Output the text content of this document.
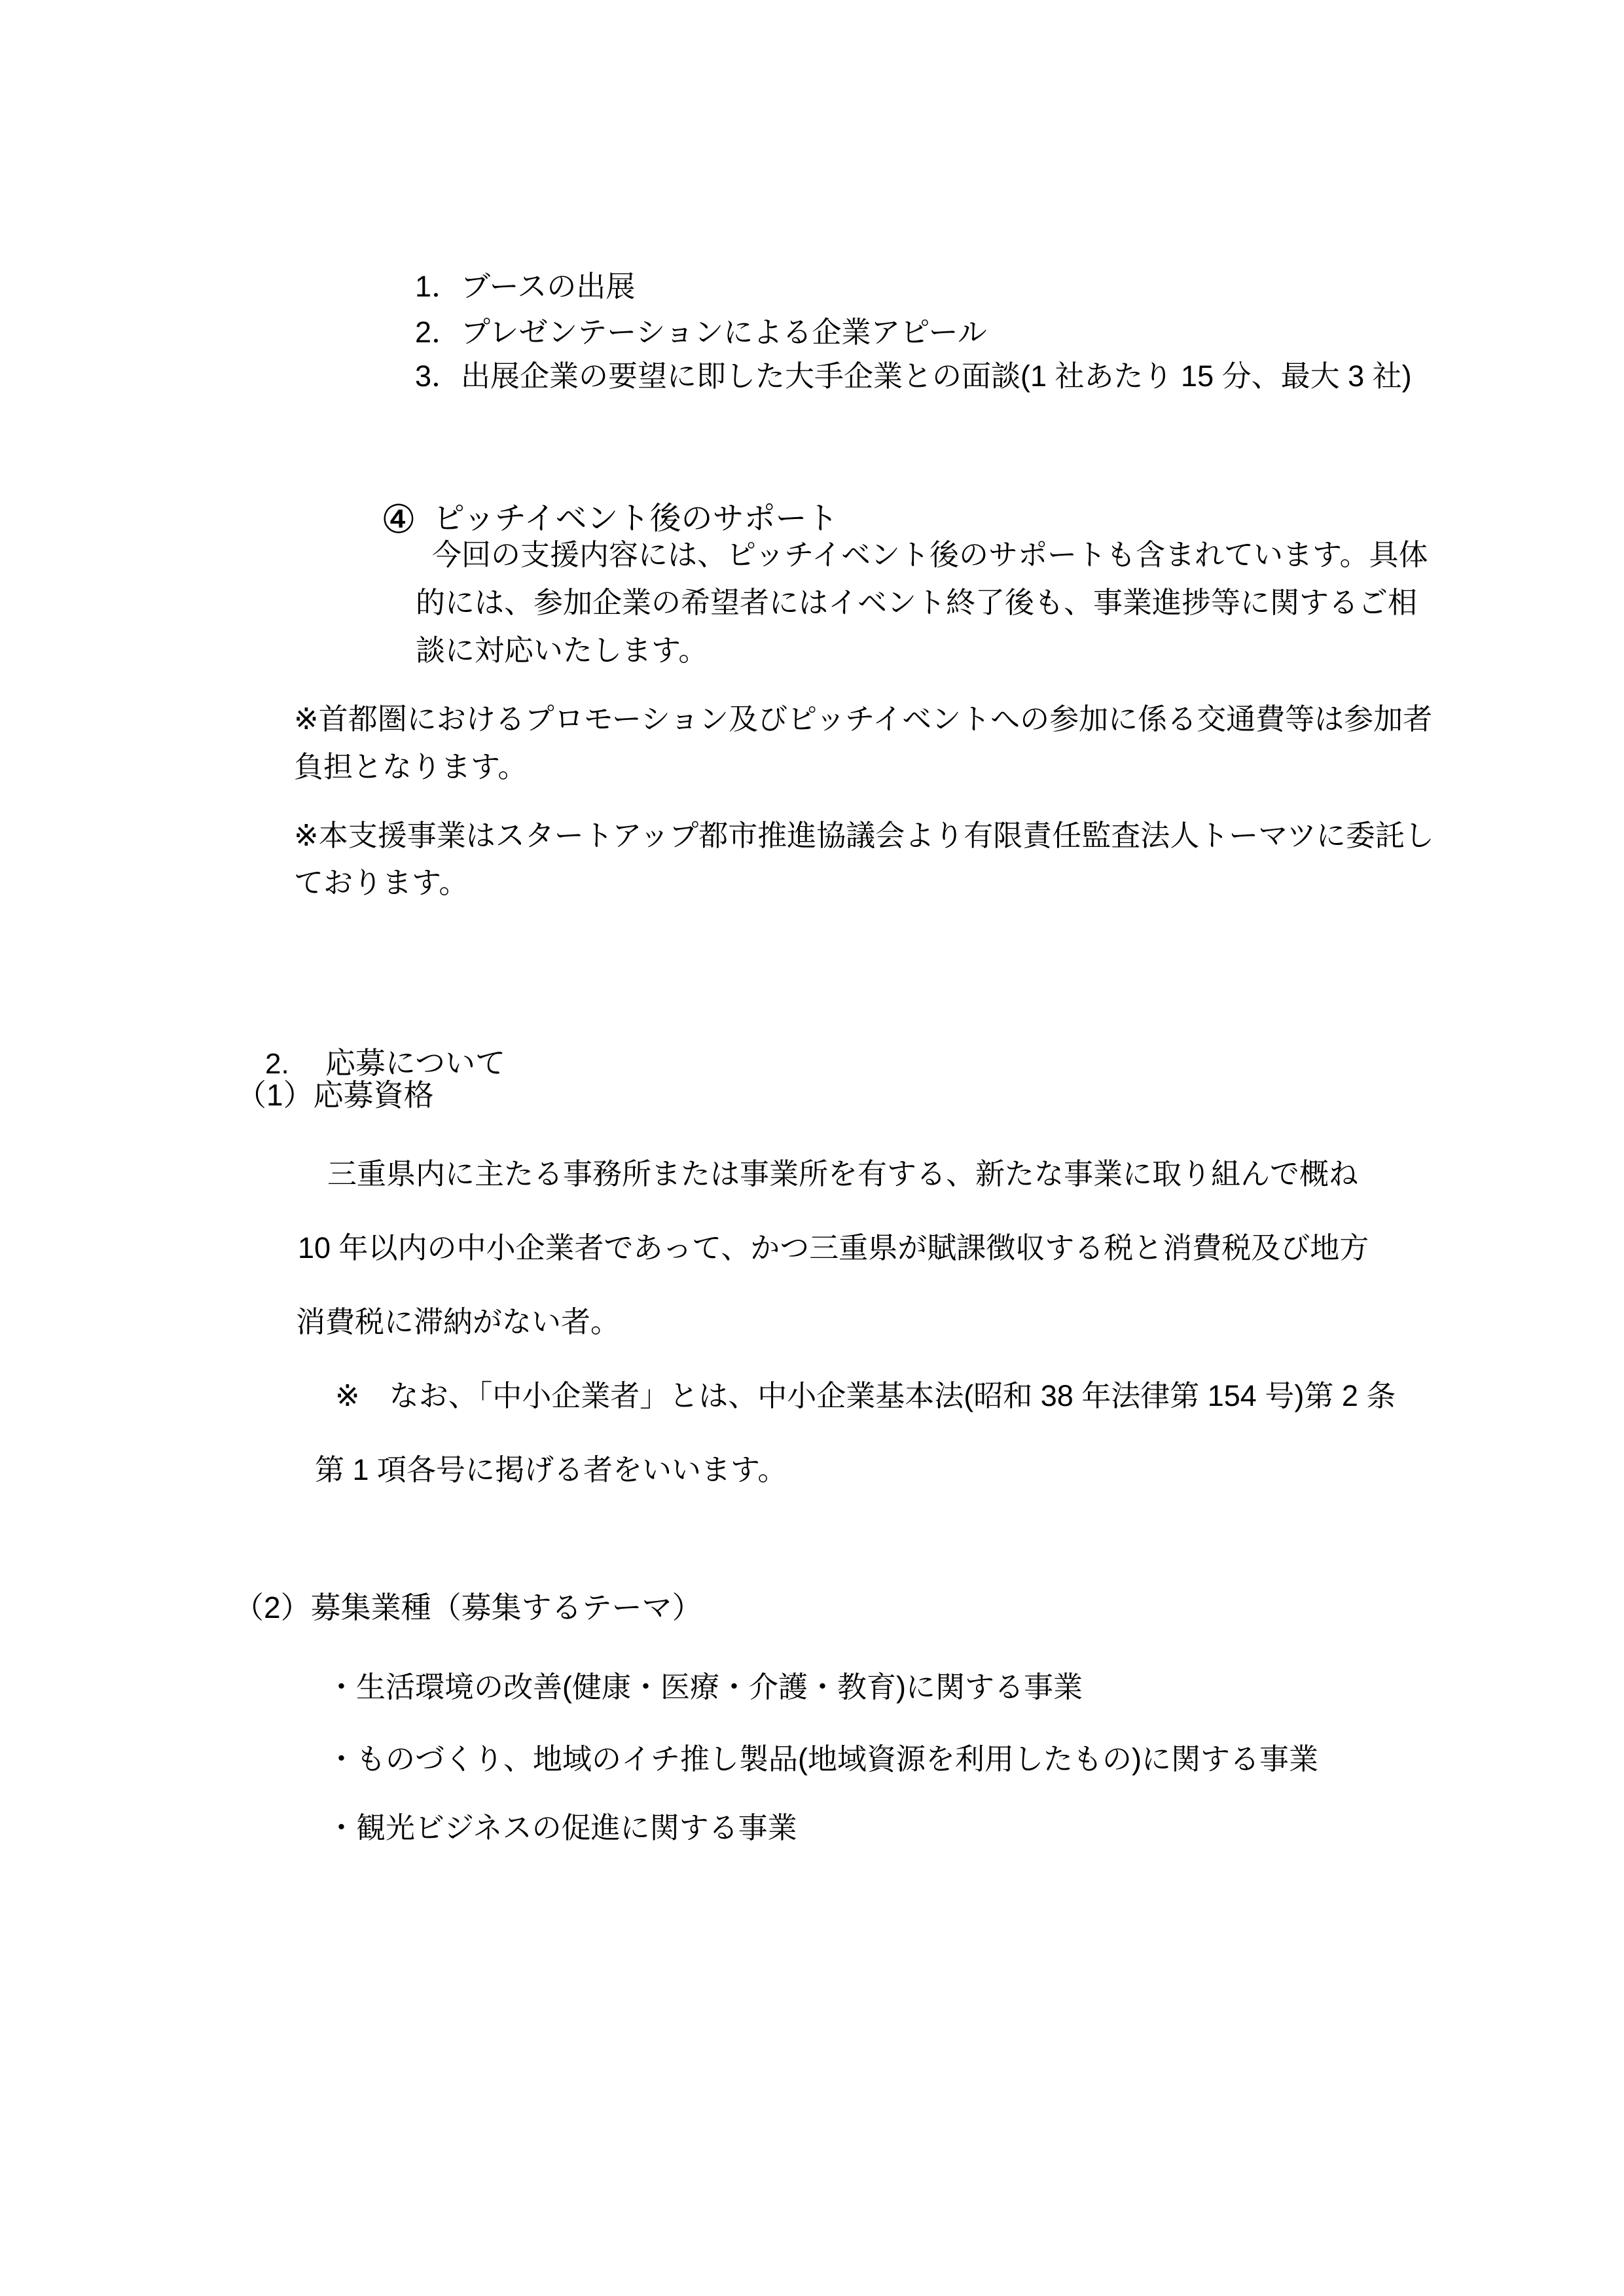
1．ブースの出展
2．プレゼンテーションによる企業アピール
3．出展企業の要望に即した大手企業との面談(1 社あたり 15 分、最大 3 社)

④ ピッチイベント後のサポート

今回の支援内容には、ピッチイベント後のサポートも含まれています。具体
的には、参加企業の希望者にはイベント終了後も、事業進捗等に関するご相
談に対応いたします。
※首都圏におけるプロモーション及びピッチイベントへの参加に係る交通費等は参加者
負担となります。
※本支援事業はスタートアップ都市推進協議会より有限責任監査法人トーマツに委託し
ております。

2. 応募について

（1）応募資格
三重県内に主たる事務所または事業所を有する、新たな事業に取り組んで概ね
10 年以内の中小企業者であって、かつ三重県が賦課徴収する税と消費税及び地方
消費税に滞納がない者。
※　なお、「中小企業者」とは、中小企業基本法(昭和 38 年法律第 154 号)第 2 条
第 1 項各号に掲げる者をいいます。
（2）募集業種（募集するテーマ）
・生活環境の改善(健康・医療・介護・教育)に関する事業
・ものづくり、地域のイチ推し製品(地域資源を利用したもの)に関する事業
・観光ビジネスの促進に関する事業
